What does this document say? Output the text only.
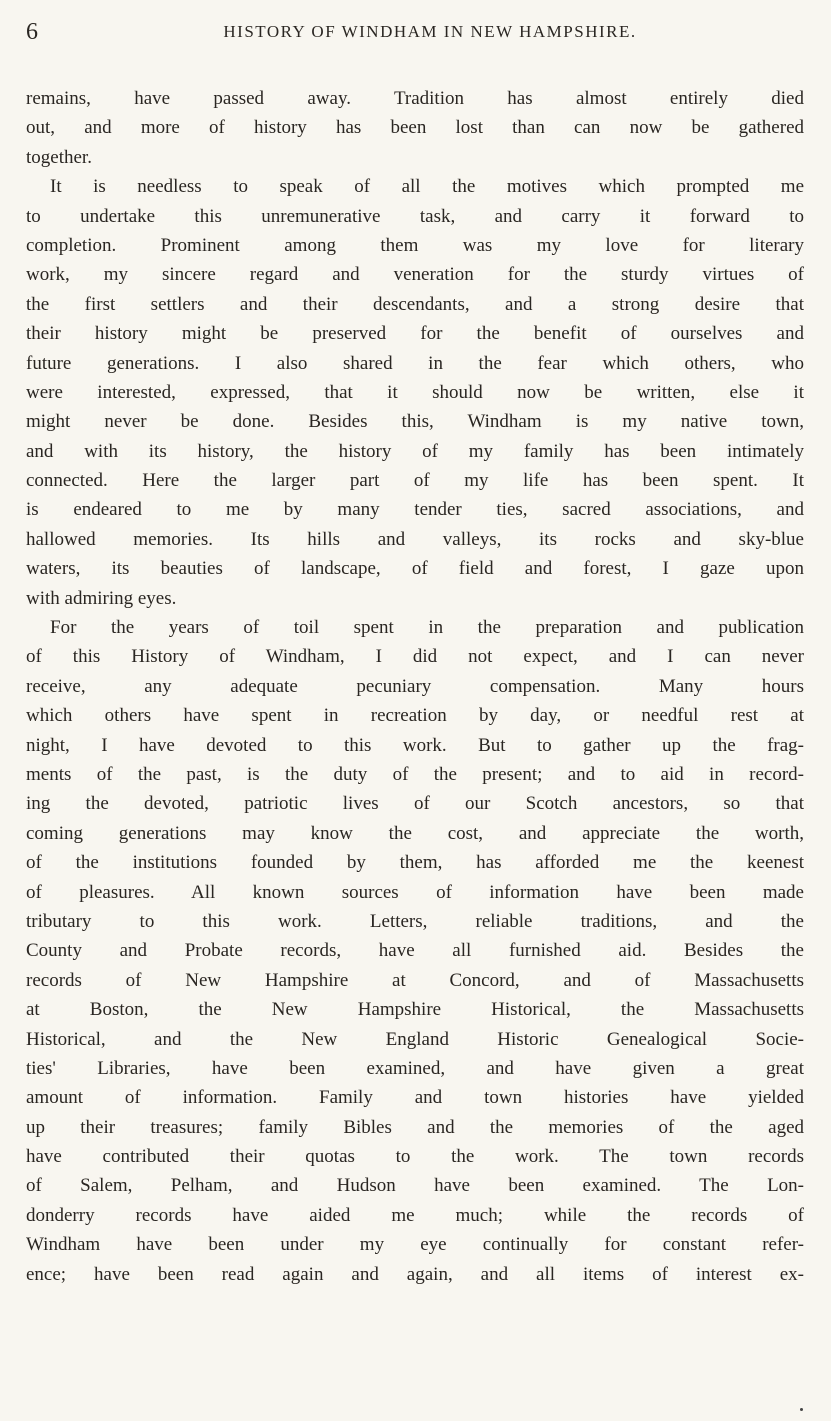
6	HISTORY OF WINDHAM IN NEW HAMPSHIRE.
remains, have passed away. Tradition has almost entirely died
out, and more of history has been lost than can now be gathered
together.
It is needless to speak of all the motives which prompted me
to undertake this unremunerative task, and carry it forward to
completion. Prominent among them was my love for literary
work, my sincere regard and veneration for the sturdy virtues of
the first settlers and their descendants, and a strong desire that
their history might be preserved for the benefit of ourselves and
future generations. I also shared in the fear which others, who
were interested, expressed, that it should now be written, else it
might never be done. Besides this, Windham is my native town,
and with its history, the history of my family has been intimately
connected. Here the larger part of my life has been spent. It
is endeared to me by many tender ties, sacred associations, and
hallowed memories. Its hills and valleys, its rocks and sky-blue
waters, its beauties of landscape, of field and forest, I gaze upon
with admiring eyes.
For the years of toil spent in the preparation and publication
of this History of Windham, I did not expect, and I can never
receive, any adequate pecuniary compensation. Many hours
which others have spent in recreation by day, or needful rest at
night, I have devoted to this work. But to gather up the frag-
ments of the past, is the duty of the present; and to aid in record-
ing the devoted, patriotic lives of our Scotch ancestors, so that
coming generations may know the cost, and appreciate the worth,
of the institutions founded by them, has afforded me the keenest
of pleasures. All known sources of information have been made
tributary to this work. Letters, reliable traditions, and the
County and Probate records, have all furnished aid. Besides the
records of New Hampshire at Concord, and of Massachusetts
at Boston, the New Hampshire Historical, the Massachusetts
Historical, and the New England Historic Genealogical Socie-
ties' Libraries, have been examined, and have given a great
amount of information. Family and town histories have yielded
up their treasures; family Bibles and the memories of the aged
have contributed their quotas to the work. The town records
of Salem, Pelham, and Hudson have been examined. The Lon-
donderry records have aided me much; while the records of
Windham have been under my eye continually for constant refer-
ence; have been read again and again, and all items of interest ex-
